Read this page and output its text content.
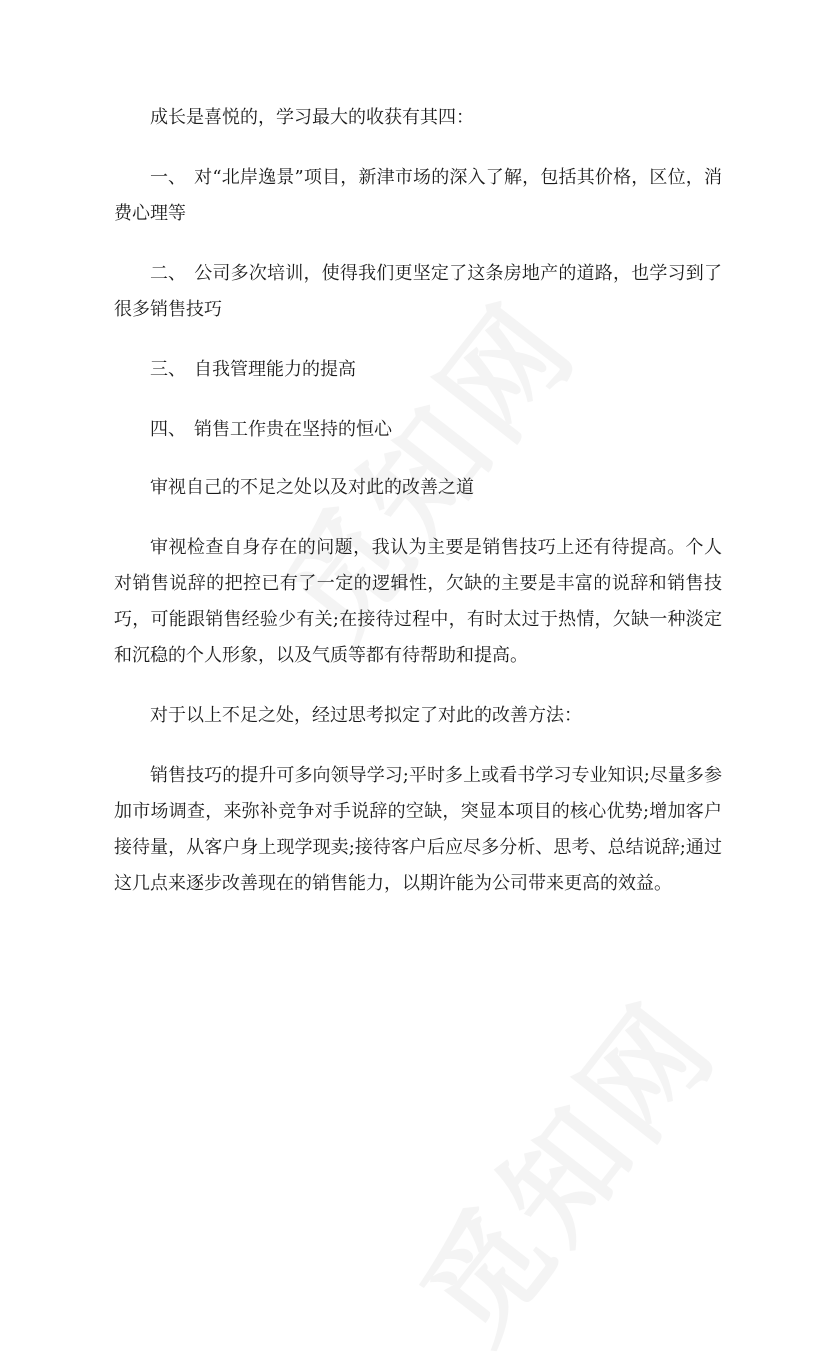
成长是喜悦的，学习最大的收获有其四：

一、 对“北岸逸景”项目，新津市场的深入了解，包括其价格，区位，消费心理等

二、 公司多次培训，使得我们更坚定了这条房地产的道路，也学习到了很多销售技巧

三、 自我管理能力的提高

四、 销售工作贵在坚持的恒心

审视自己的不足之处以及对此的改善之道

审视检查自身存在的问题，我认为主要是销售技巧上还有待提高。个人对销售说辞的把控已有了一定的逻辑性，欠缺的主要是丰富的说辞和销售技巧，可能跟销售经验少有关;在接待过程中，有时太过于热情，欠缺一种淡定和沉稳的个人形象，以及气质等都有待帮助和提高。

对于以上不足之处，经过思考拟定了对此的改善方法：

销售技巧的提升可多向领导学习;平时多上或看书学习专业知识;尽量多参加市场调查，来弥补竞争对手说辞的空缺，突显本项目的核心优势;增加客户接待量，从客户身上现学现卖;接待客户后应尽多分析、思考、总结说辞;通过这几点来逐步改善现在的销售能力，以期许能为公司带来更高的效益。
